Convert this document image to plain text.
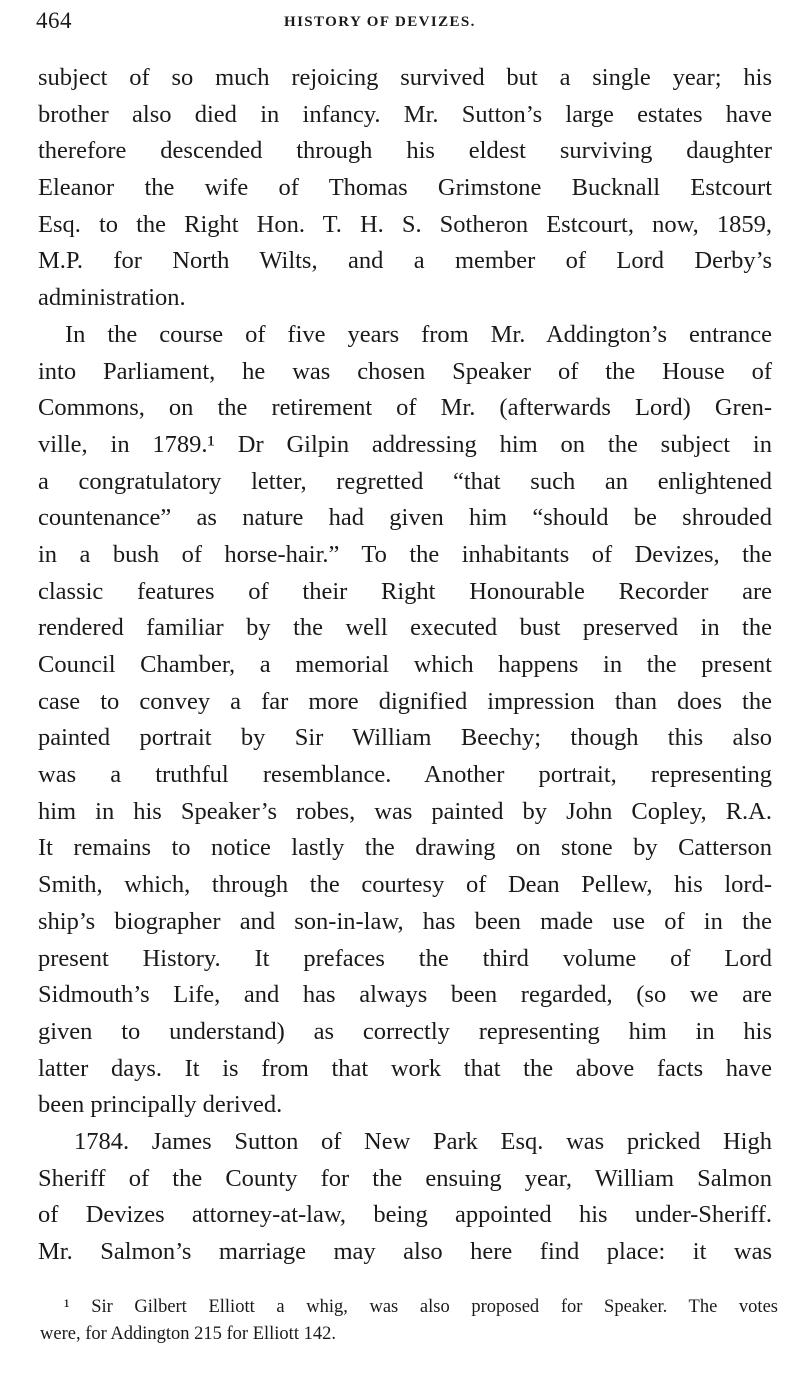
464	HISTORY OF DEVIZES.
subject of so much rejoicing survived but a single year; his
brother also died in infancy. Mr. Sutton’s large estates have
therefore descended through his eldest surviving daughter
Eleanor the wife of Thomas Grimstone Bucknall Estcourt
Esq. to the Right Hon. T. H. S. Sotheron Estcourt, now, 1859,
M.P. for North Wilts, and a member of Lord Derby’s
administration.
In the course of five years from Mr. Addington’s entrance
into Parliament, he was chosen Speaker of the House of
Commons, on the retirement of Mr. (afterwards Lord) Gren-
ville, in 1789.¹ Dr Gilpin addressing him on the subject in
a congratulatory letter, regretted “that such an enlightened
countenance” as nature had given him “should be shrouded
in a bush of horse-hair.” To the inhabitants of Devizes, the
classic features of their Right Honourable Recorder are
rendered familiar by the well executed bust preserved in the
Council Chamber, a memorial which happens in the present
case to convey a far more dignified impression than does the
painted portrait by Sir William Beechy; though this also
was a truthful resemblance. Another portrait, representing
him in his Speaker’s robes, was painted by John Copley, R.A.
It remains to notice lastly the drawing on stone by Catterson
Smith, which, through the courtesy of Dean Pellew, his lord-
ship’s biographer and son-in-law, has been made use of in the
present History. It prefaces the third volume of Lord
Sidmouth’s Life, and has always been regarded, (so we are
given to understand) as correctly representing him in his
latter days. It is from that work that the above facts have
been principally derived.
1784. James Sutton of New Park Esq. was pricked High
Sheriff of the County for the ensuing year, William Salmon
of Devizes attorney-at-law, being appointed his under-Sheriff.
Mr. Salmon’s marriage may also here find place: it was
¹ Sir Gilbert Elliott a whig, was also proposed for Speaker. The votes
were, for Addington 215 for Elliott 142.
